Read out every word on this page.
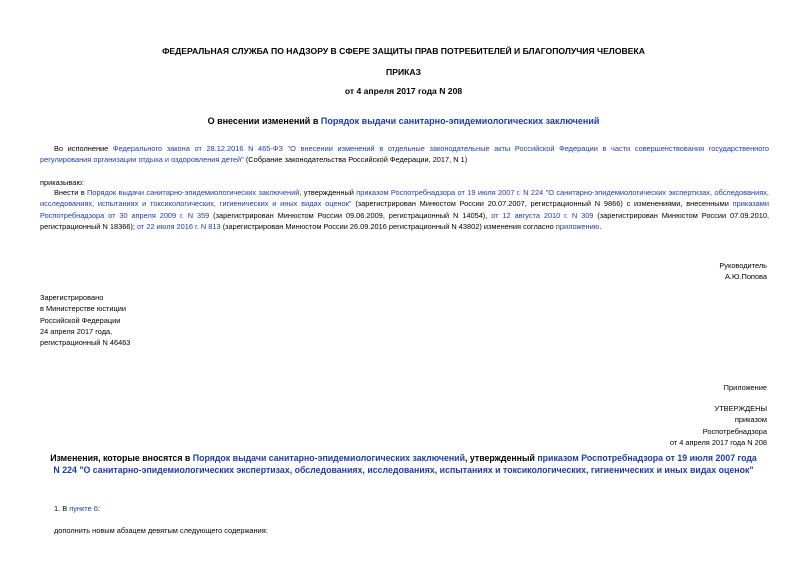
ФЕДЕРАЛЬНАЯ СЛУЖБА ПО НАДЗОРУ В СФЕРЕ ЗАЩИТЫ ПРАВ ПОТРЕБИТЕЛЕЙ И БЛАГОПОЛУЧИЯ ЧЕЛОВЕКА
ПРИКАЗ
от 4 апреля 2017 года N 208
О внесении изменений в Порядок выдачи санитарно-эпидемиологических заключений
Во исполнение Федерального закона от 28.12.2016 N 465-ФЗ "О внесении изменений в отдельные законодательные акты Российской Федерации в части совершенствования государственного регулирования организации отдыха и оздоровления детей" (Собрание законодательства Российской Федерации, 2017, N 1)
приказываю:
Внести в Порядок выдачи санитарно-эпидемиологических заключений, утвержденный приказом Роспотребнадзора от 19 июля 2007 г. N 224 "О санитарно-эпидемиологических экспертизах, обследованиях, исследованиях, испытаниях и токсикологических, гигиенических и иных видах оценок" (зарегистрирован Минюстом России 20.07.2007, регистрационный N 9866) с изменениями, внесенными приказами Роспотребнадзора от 30 апреля 2009 г. N 359 (зарегистрирован Минюстом России 09.06.2009, регистрационный N 14054), от 12 августа 2010 г. N 309 (зарегистрирован Минюстом России 07.09.2010, регистрационный N 18366); от 22 июля 2016 г. N 813 (зарегистрирован Минюстом России 26.09.2016 регистрационный N 43802) изменения согласно приложению.
Руководитель
А.Ю.Попова
Зарегистрировано
в Министерстве юстиции
Российской Федерации
24 апреля 2017 года,
регистрационный N 46463
Приложение
УТВЕРЖДЕНЫ
приказом
Роспотребнадзора
от 4 апреля 2017 года N 208
Изменения, которые вносятся в Порядок выдачи санитарно-эпидемиологических заключений, утвержденный приказом Роспотребнадзора от 19 июля 2007 года N 224 "О санитарно-эпидемиологических экспертизах, обследованиях, исследованиях, испытаниях и токсикологических, гигиенических и иных видах оценок"
1. В пункте 6:
дополнить новым абзацем девятым следующего содержания:
